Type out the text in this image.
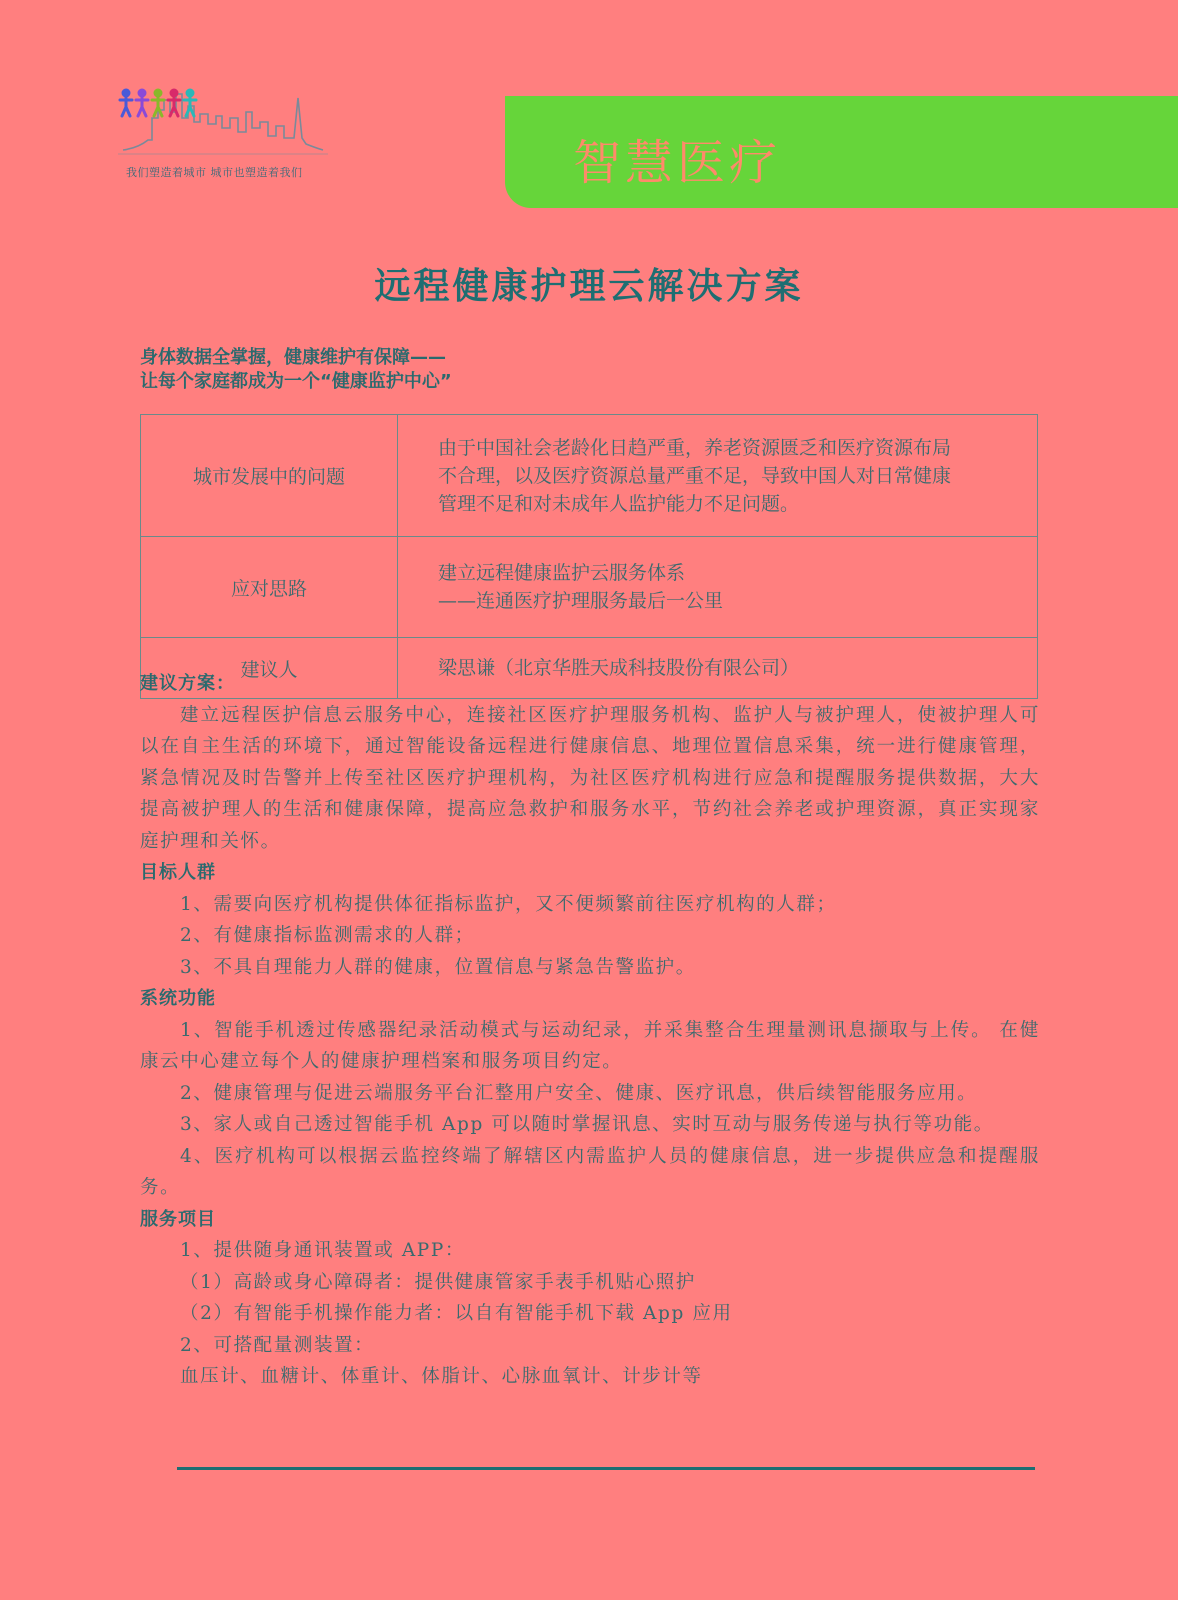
我们塑造着城市 城市也塑造着我们	智慧医疗
远程健康护理云解决方案
身体数据全掌握，健康维护有保障——
让每个家庭都成为一个“健康监护中心”
城市发展中的问题	由于中国社会老龄化日趋严重，养老资源匮乏和医疗资源布局
不合理，以及医疗资源总量严重不足，导致中国人对日常健康
管理不足和对未成年人监护能力不足问题。

应对思路	建立远程健康监护云服务体系
——连通医疗护理服务最后一公里

建议人	梁思谦（北京华胜天成科技股份有限公司）
建议方案：

建立远程医护信息云服务中心，连接社区医疗护理服务机构、监护人与被护理人，使被护理人可以在自主生活的环境下，通过智能设备远程进行健康信息、地理位置信息采集，统一进行健康管理，紧急情况及时告警并上传至社区医疗护理机构，为社区医疗机构进行应急和提醒服务提供数据，大大提高被护理人的生活和健康保障，提高应急救护和服务水平，节约社会养老或护理资源，真正实现家庭护理和关怀。

目标人群

1、需要向医疗机构提供体征指标监护，又不便频繁前往医疗机构的人群；

2、有健康指标监测需求的人群；

3、不具自理能力人群的健康，位置信息与紧急告警监护。

系统功能

1、智能手机透过传感器纪录活动模式与运动纪录，并采集整合生理量测讯息撷取与上传。 在健康云中心建立每个人的健康护理档案和服务项目约定。

2、健康管理与促进云端服务平台汇整用户安全、健康、医疗讯息，供后续智能服务应用。

3、家人或自己透过智能手机 App 可以随时掌握讯息、实时互动与服务传递与执行等功能。

4、医疗机构可以根据云监控终端了解辖区内需监护人员的健康信息，进一步提供应急和提醒服务。

服务项目

1、提供随身通讯装置或 APP：

（1）高龄或身心障碍者：提供健康管家手表手机贴心照护

（2）有智能手机操作能力者：以自有智能手机下载 App 应用

2、可搭配量测装置：

血压计、血糖计、体重计、体脂计、心脉血氧计、计步计等
